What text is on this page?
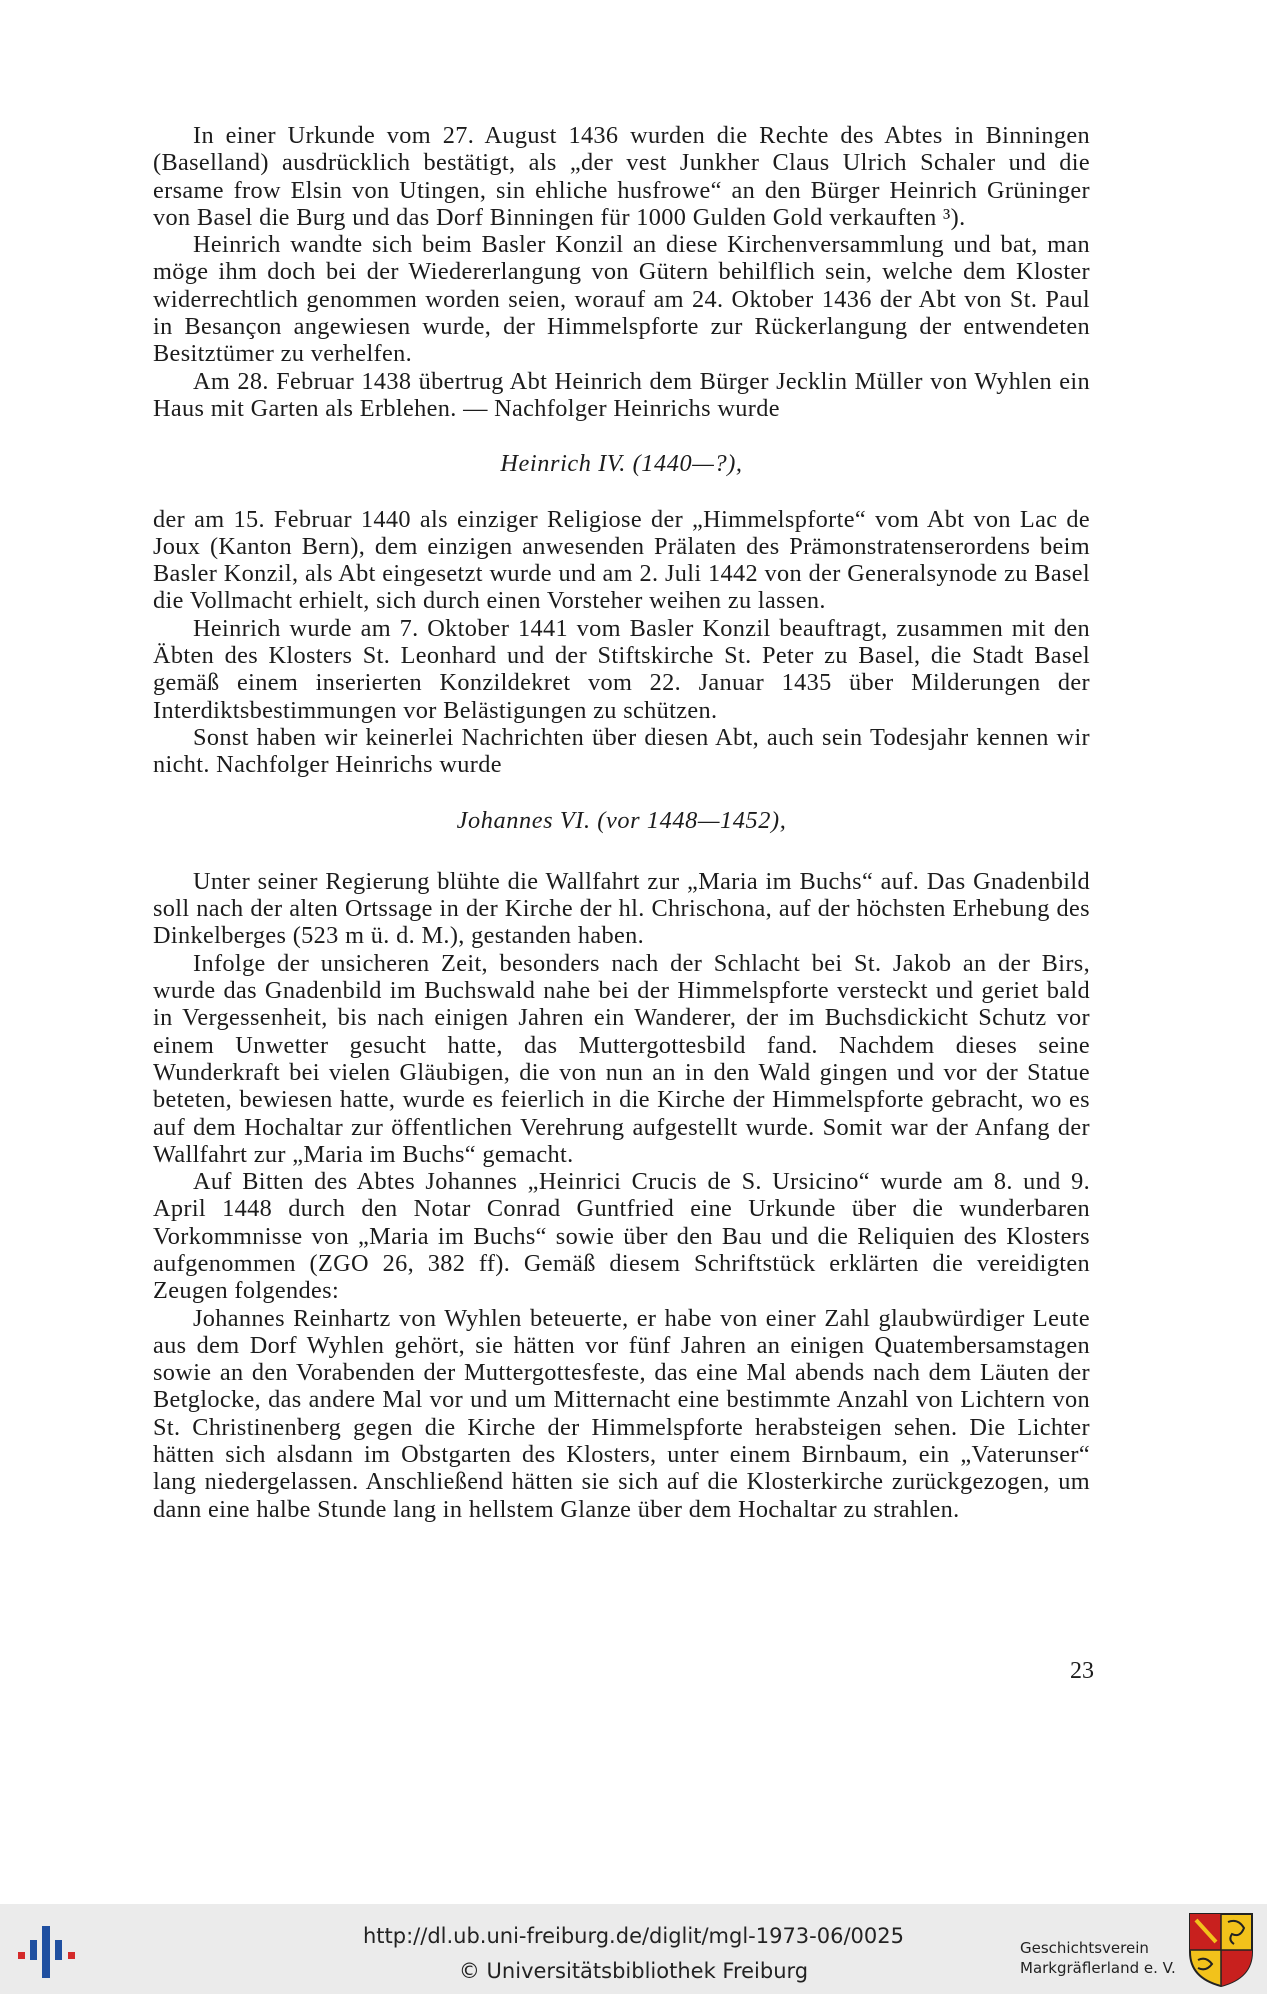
In einer Urkunde vom 27. August 1436 wurden die Rechte des Abtes in Binningen (Baselland) ausdrücklich bestätigt, als „der vest Junkher Claus Ulrich Schaler und die ersame frow Elsin von Utingen, sin ehliche husfrowe“ an den Bürger Heinrich Grüninger von Basel die Burg und das Dorf Binningen für 1000 Gulden Gold verkauften ³).

Heinrich wandte sich beim Basler Konzil an diese Kirchenversammlung und bat, man möge ihm doch bei der Wiedererlangung von Gütern behilflich sein, welche dem Kloster widerrechtlich genommen worden seien, worauf am 24. Oktober 1436 der Abt von St. Paul in Besançon angewiesen wurde, der Himmelspforte zur Rückerlangung der entwendeten Besitztümer zu verhelfen.

Am 28. Februar 1438 übertrug Abt Heinrich dem Bürger Jecklin Müller von Wyhlen ein Haus mit Garten als Erblehen. — Nachfolger Heinrichs wurde

Heinrich IV. (1440—?),

der am 15. Februar 1440 als einziger Religiose der „Himmelspforte“ vom Abt von Lac de Joux (Kanton Bern), dem einzigen anwesenden Prälaten des Prämonstratenserordens beim Basler Konzil, als Abt eingesetzt wurde und am 2. Juli 1442 von der Generalsynode zu Basel die Vollmacht erhielt, sich durch einen Vorsteher weihen zu lassen.

Heinrich wurde am 7. Oktober 1441 vom Basler Konzil beauftragt, zusammen mit den Äbten des Klosters St. Leonhard und der Stiftskirche St. Peter zu Basel, die Stadt Basel gemäß einem inserierten Konzildekret vom 22. Januar 1435 über Milderungen der Interdiktsbestimmungen vor Belästigungen zu schützen.

Sonst haben wir keinerlei Nachrichten über diesen Abt, auch sein Todesjahr kennen wir nicht. Nachfolger Heinrichs wurde

Johannes VI. (vor 1448—1452),

Unter seiner Regierung blühte die Wallfahrt zur „Maria im Buchs“ auf. Das Gnadenbild soll nach der alten Ortssage in der Kirche der hl. Chrischona, auf der höchsten Erhebung des Dinkelberges (523 m ü. d. M.), gestanden haben.

Infolge der unsicheren Zeit, besonders nach der Schlacht bei St. Jakob an der Birs, wurde das Gnadenbild im Buchswald nahe bei der Himmelspforte versteckt und geriet bald in Vergessenheit, bis nach einigen Jahren ein Wanderer, der im Buchsdickicht Schutz vor einem Unwetter gesucht hatte, das Muttergottesbild fand. Nachdem dieses seine Wunderkraft bei vielen Gläubigen, die von nun an in den Wald gingen und vor der Statue beteten, bewiesen hatte, wurde es feierlich in die Kirche der Himmelspforte gebracht, wo es auf dem Hochaltar zur öffentlichen Verehrung aufgestellt wurde. Somit war der Anfang der Wallfahrt zur „Maria im Buchs“ gemacht.

Auf Bitten des Abtes Johannes „Heinrici Crucis de S. Ursicino“ wurde am 8. und 9. April 1448 durch den Notar Conrad Guntfried eine Urkunde über die wunderbaren Vorkommnisse von „Maria im Buchs“ sowie über den Bau und die Reliquien des Klosters aufgenommen (ZGO 26, 382 ff). Gemäß diesem Schriftstück erklärten die vereidigten Zeugen folgendes:

Johannes Reinhartz von Wyhlen beteuerte, er habe von einer Zahl glaubwürdiger Leute aus dem Dorf Wyhlen gehört, sie hätten vor fünf Jahren an einigen Quatembersamstagen sowie an den Vorabenden der Muttergottesfeste, das eine Mal abends nach dem Läuten der Betglocke, das andere Mal vor und um Mitternacht eine bestimmte Anzahl von Lichtern von St. Christinenberg gegen die Kirche der Himmelspforte herabsteigen sehen. Die Lichter hätten sich alsdann im Obstgarten des Klosters, unter einem Birnbaum, ein „Vaterunser“ lang niedergelassen. Anschließend hätten sie sich auf die Klosterkirche zurückgezogen, um dann eine halbe Stunde lang in hellstem Glanze über dem Hochaltar zu strahlen.

23
http://dl.ub.uni-freiburg.de/diglit/mgl-1973-06/0025
© Universitätsbibliothek Freiburg
Geschichtsverein
Markgräflerland e. V.
